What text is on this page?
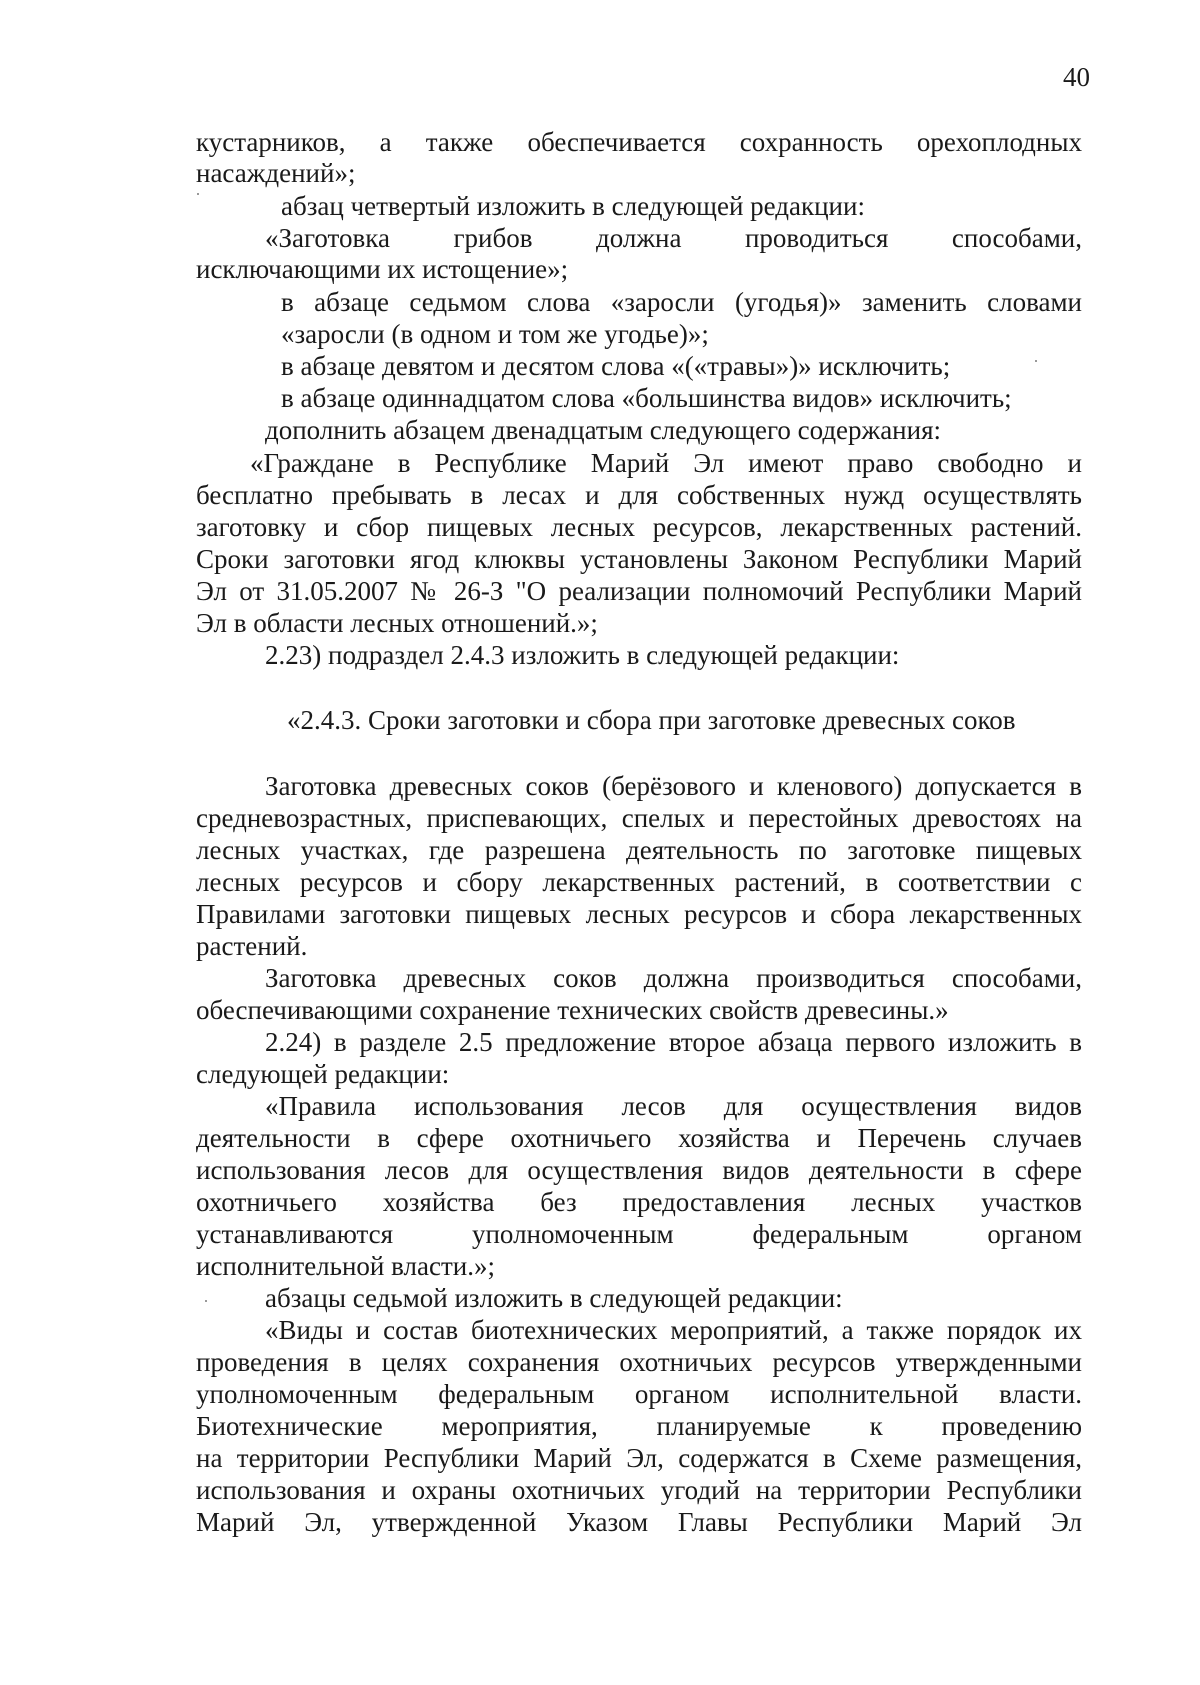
40
кустарников, а также обеспечивается сохранность орехоплодных
насаждений»;
абзац четвертый изложить в следующей редакции:
«Заготовка грибов должна проводиться способами,
исключающими их истощение»;
в абзаце седьмом слова «заросли (угодья)» заменить словами
«заросли (в одном и том же угодье)»;
в абзаце девятом и десятом слова «(«травы»)» исключить;
в абзаце одиннадцатом слова «большинства видов» исключить;
дополнить абзацем двенадцатым следующего содержания:
«Граждане в Республике Марий Эл имеют право свободно и
бесплатно пребывать в лесах и для собственных нужд осуществлять
заготовку и сбор пищевых лесных ресурсов, лекарственных растений.
Сроки заготовки ягод клюквы установлены Законом Республики Марий
Эл от 31.05.2007 № 26-З "О реализации полномочий Республики Марий
Эл в области лесных отношений.»;
2.23) подраздел 2.4.3 изложить в следующей редакции:
«2.4.3. Сроки заготовки и сбора при заготовке древесных соков
Заготовка древесных соков (берёзового и кленового) допускается в
средневозрастных, приспевающих, спелых и перестойных древостоях на
лесных участках, где разрешена деятельность по заготовке пищевых
лесных ресурсов и сбору лекарственных растений, в соответствии с
Правилами заготовки пищевых лесных ресурсов и сбора лекарственных
растений.
Заготовка древесных соков должна производиться способами,
обеспечивающими сохранение технических свойств древесины.»
2.24) в разделе 2.5 предложение второе абзаца первого изложить в
следующей редакции:
«Правила использования лесов для осуществления видов
деятельности в сфере охотничьего хозяйства и Перечень случаев
использования лесов для осуществления видов деятельности в сфере
охотничьего хозяйства без предоставления лесных участков
устанавливаются уполномоченным федеральным органом
исполнительной власти.»;
абзацы седьмой изложить в следующей редакции:
«Виды и состав биотехнических мероприятий, а также порядок их
проведения в целях сохранения охотничьих ресурсов утвержденными
уполномоченным федеральным органом исполнительной власти.
Биотехнические мероприятия, планируемые к проведению
на территории Республики Марий Эл, содержатся в Схеме размещения,
использования и охраны охотничьих угодий на территории Республики
Марий Эл, утвержденной Указом Главы Республики Марий Эл
